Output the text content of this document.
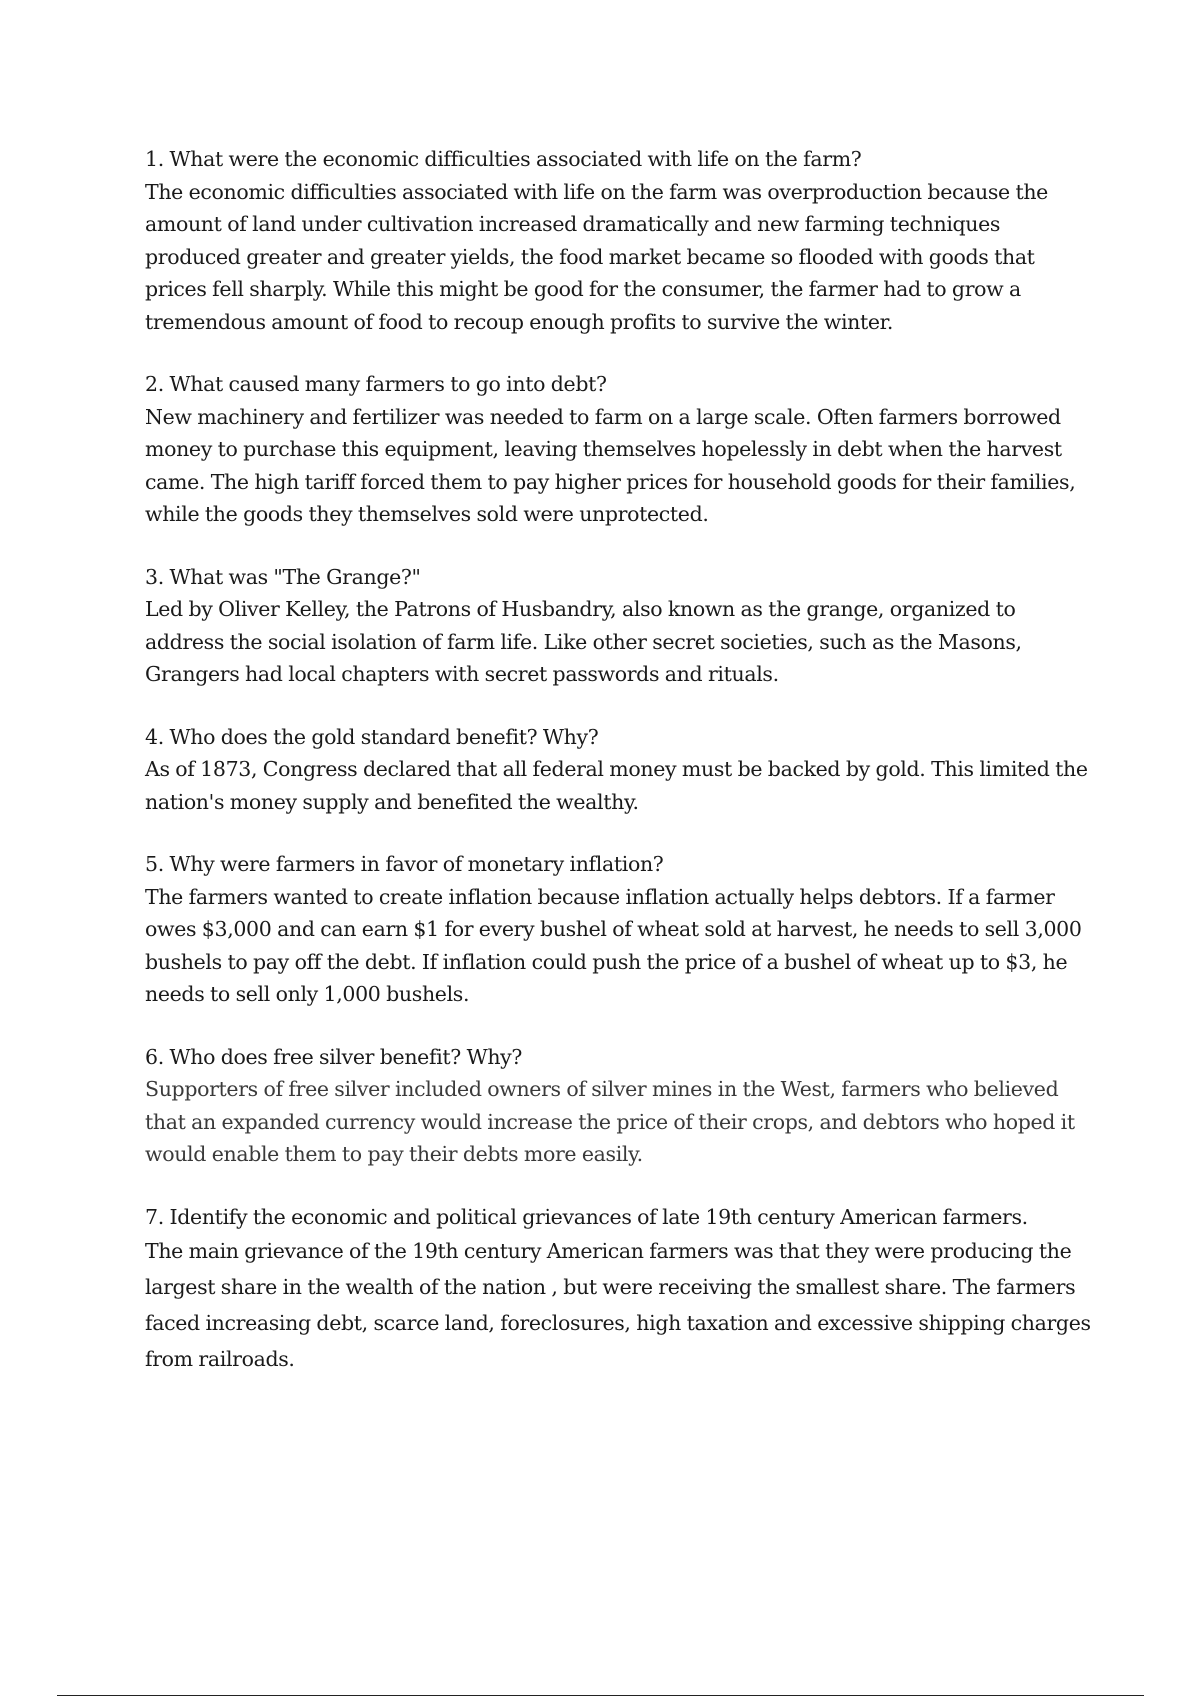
1. What were the economic difficulties associated with life on the farm?

The economic difficulties associated with life on the farm was overproduction because the amount of land under cultivation increased dramatically and new farming techniques produced greater and greater yields, the food market became so flooded with goods that prices fell sharply. While this might be good for the consumer, the farmer had to grow a tremendous amount of food to recoup enough profits to survive the winter.

2. What caused many farmers to go into debt?

New machinery and fertilizer was needed to farm on a large scale. Often farmers borrowed money to purchase this equipment, leaving themselves hopelessly in debt when the harvest came. The high tariff forced them to pay higher prices for household goods for their families, while the goods they themselves sold were unprotected.

3. What was "The Grange?"

Led by Oliver Kelley, the Patrons of Husbandry, also known as the grange, organized to address the social isolation of farm life. Like other secret societies, such as the Masons, Grangers had local chapters with secret passwords and rituals.

4. Who does the gold standard benefit? Why?

As of 1873, Congress declared that all federal money must be backed by gold. This limited the nation's money supply and benefited the wealthy.

5. Why were farmers in favor of monetary inflation?

The farmers wanted to create inflation because inflation actually helps debtors. If a farmer owes $3,000 and can earn $1 for every bushel of wheat sold at harvest, he needs to sell 3,000 bushels to pay off the debt. If inflation could push the price of a bushel of wheat up to $3, he needs to sell only 1,000 bushels.

6. Who does free silver benefit? Why?

Supporters of free silver included owners of silver mines in the West, farmers who believed that an expanded currency would increase the price of their crops, and debtors who hoped it would enable them to pay their debts more easily.

7. Identify the economic and political grievances of late 19th century American farmers.

The main grievance of the 19th century American farmers was that they were producing the largest share in the wealth of the nation , but were receiving the smallest share. The farmers faced increasing debt, scarce land, foreclosures, high taxation and excessive shipping charges from railroads.
